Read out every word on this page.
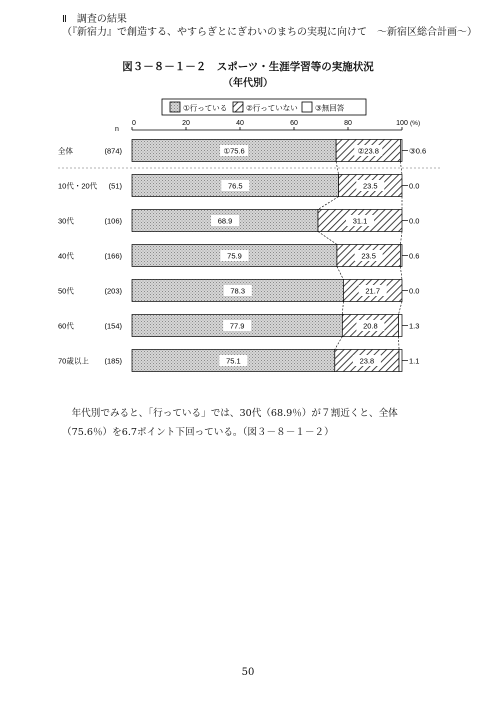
Ⅱ　調査の結果
（『新宿力』で創造する、やすらぎとにぎわいのまちの実現に向けて　～新宿区総合計画～）
図３－８－１－２　スポーツ・生涯学習等の実施状況
（年代別）
①行っている	②行っていない ③無回答
0	20	40	60	80	100 (%)
n
全体	(874)	①75.6	②23.8	③0.6
10代・20代 (51)	76.5	23.5	0.0
30代	(106)	68.9	31.1	0.0
40代	(166)	75.9	23.5	0.6
50代	(203)	78.3	21.7	0.0
60代	(154)	77.9	20.8	1.3
70歳以上 (185)	75.1	23.8	1.1

年代別でみると、「行っている」では、30代（68.9％）が７割近くと、全体（75.6％）を6.7ポイント下回っている。（図３－８－１－２）

50
